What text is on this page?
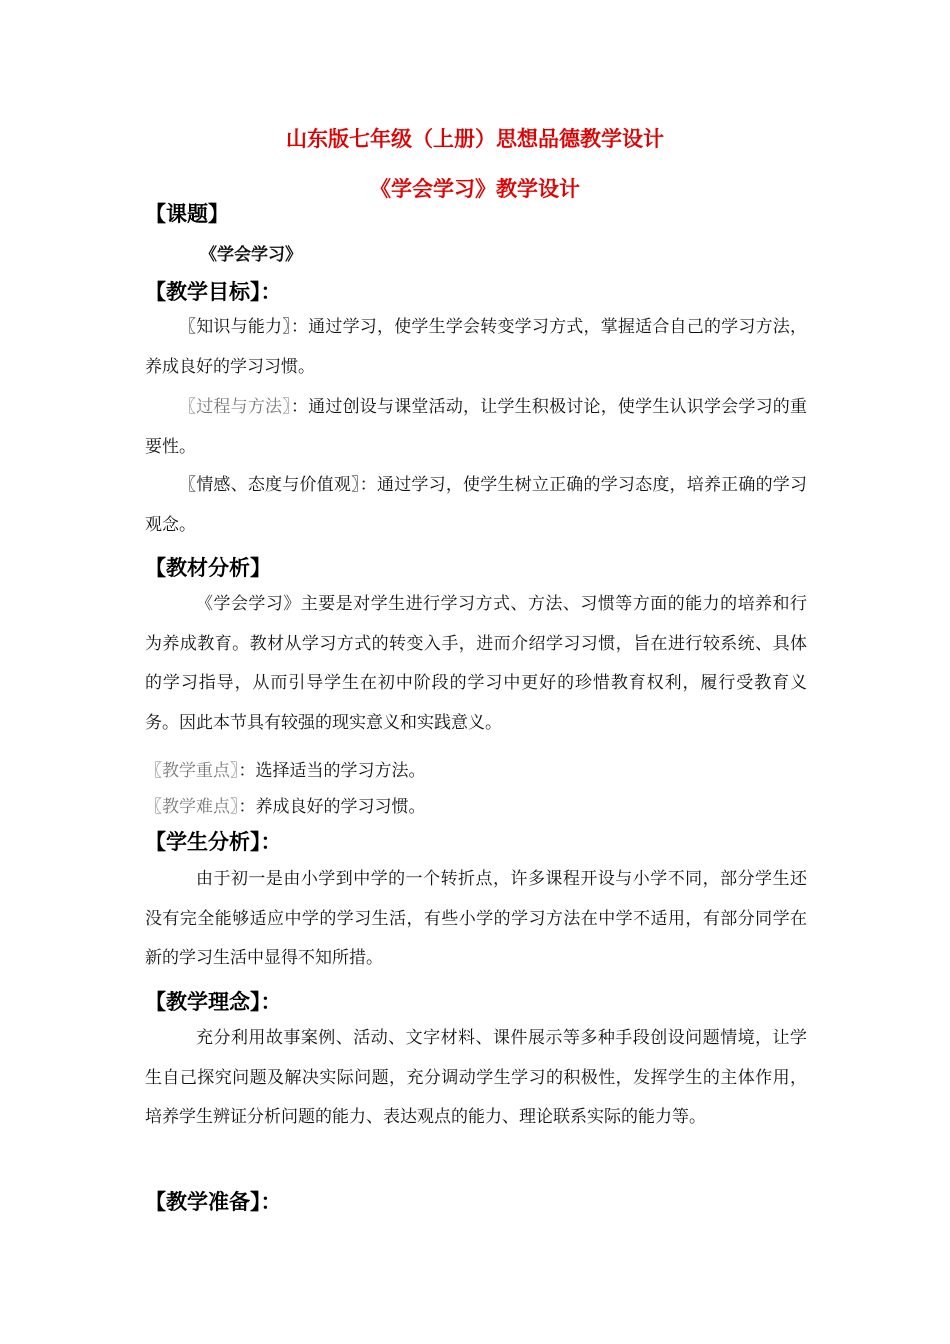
山东版七年级（上册）思想品德教学设计
《学会学习》教学设计
【课题】
《学会学习》
【教学目标】：
〖知识与能力〗：通过学习，使学生学会转变学习方式，掌握适合自己的学习方法，养成良好的学习习惯。
〖过程与方法〗：通过创设与课堂活动，让学生积极讨论，使学生认识学会学习的重要性。
〖情感、态度与价值观〗：通过学习，使学生树立正确的学习态度，培养正确的学习观念。
【教材分析】
《学会学习》主要是对学生进行学习方式、方法、习惯等方面的能力的培养和行为养成教育。教材从学习方式的转变入手，进而介绍学习习惯，旨在进行较系统、具体的学习指导，从而引导学生在初中阶段的学习中更好的珍惜教育权利，履行受教育义务。因此本节具有较强的现实意义和实践意义。
〖教学重点〗：选择适当的学习方法。
〖教学难点〗：养成良好的学习习惯。
【学生分析】：
由于初一是由小学到中学的一个转折点，许多课程开设与小学不同，部分学生还没有完全能够适应中学的学习生活，有些小学的学习方法在中学不适用，有部分同学在新的学习生活中显得不知所措。
【教学理念】：
充分利用故事案例、活动、文字材料、课件展示等多种手段创设问题情境，让学生自己探究问题及解决实际问题，充分调动学生学习的积极性，发挥学生的主体作用，培养学生辨证分析问题的能力、表达观点的能力、理论联系实际的能力等。
【教学准备】：
